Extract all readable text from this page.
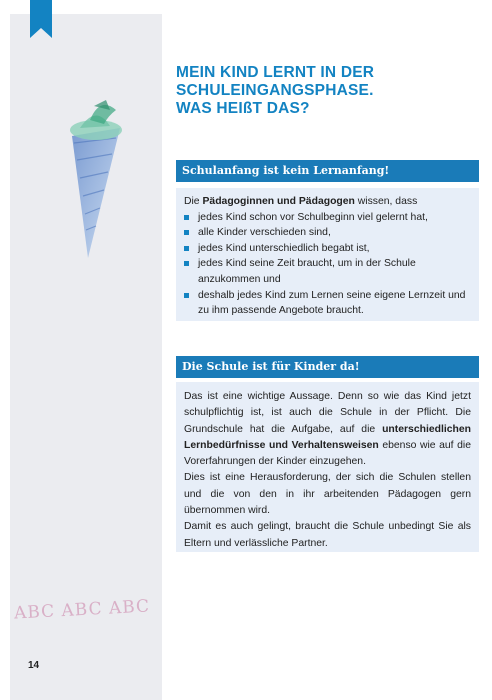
ABC ABC ABC
14
MEIN KIND LERNT IN DER
SCHULEINGANGSPHASE.
WAS HEIßT DAS?
Schulanfang ist kein Lernanfang!
Die Pädagoginnen und Pädagogen wissen, dass
jedes Kind schon vor Schulbeginn viel gelernt hat,
alle Kinder verschieden sind,
jedes Kind unterschiedlich begabt ist,
jedes Kind seine Zeit braucht, um in der Schule anzukommen und
deshalb jedes Kind zum Lernen seine eigene Lernzeit und zu ihm passende Angebote braucht.
Die Schule ist für Kinder da!

Das ist eine wichtige Aussage. Denn so wie das Kind jetzt schulpflichtig ist, ist auch die Schule in der Pflicht. Die Grundschule hat die Aufgabe, auf die unterschiedlichen Lernbedürfnisse und Verhaltensweisen ebenso wie auf die Vorerfahrungen der Kinder einzugehen.

Dies ist eine Herausforderung, der sich die Schulen stellen und die von den in ihr arbeitenden Pädagogen gern übernommen wird.

Damit es auch gelingt, braucht die Schule unbedingt Sie als Eltern und verlässliche Partner.
